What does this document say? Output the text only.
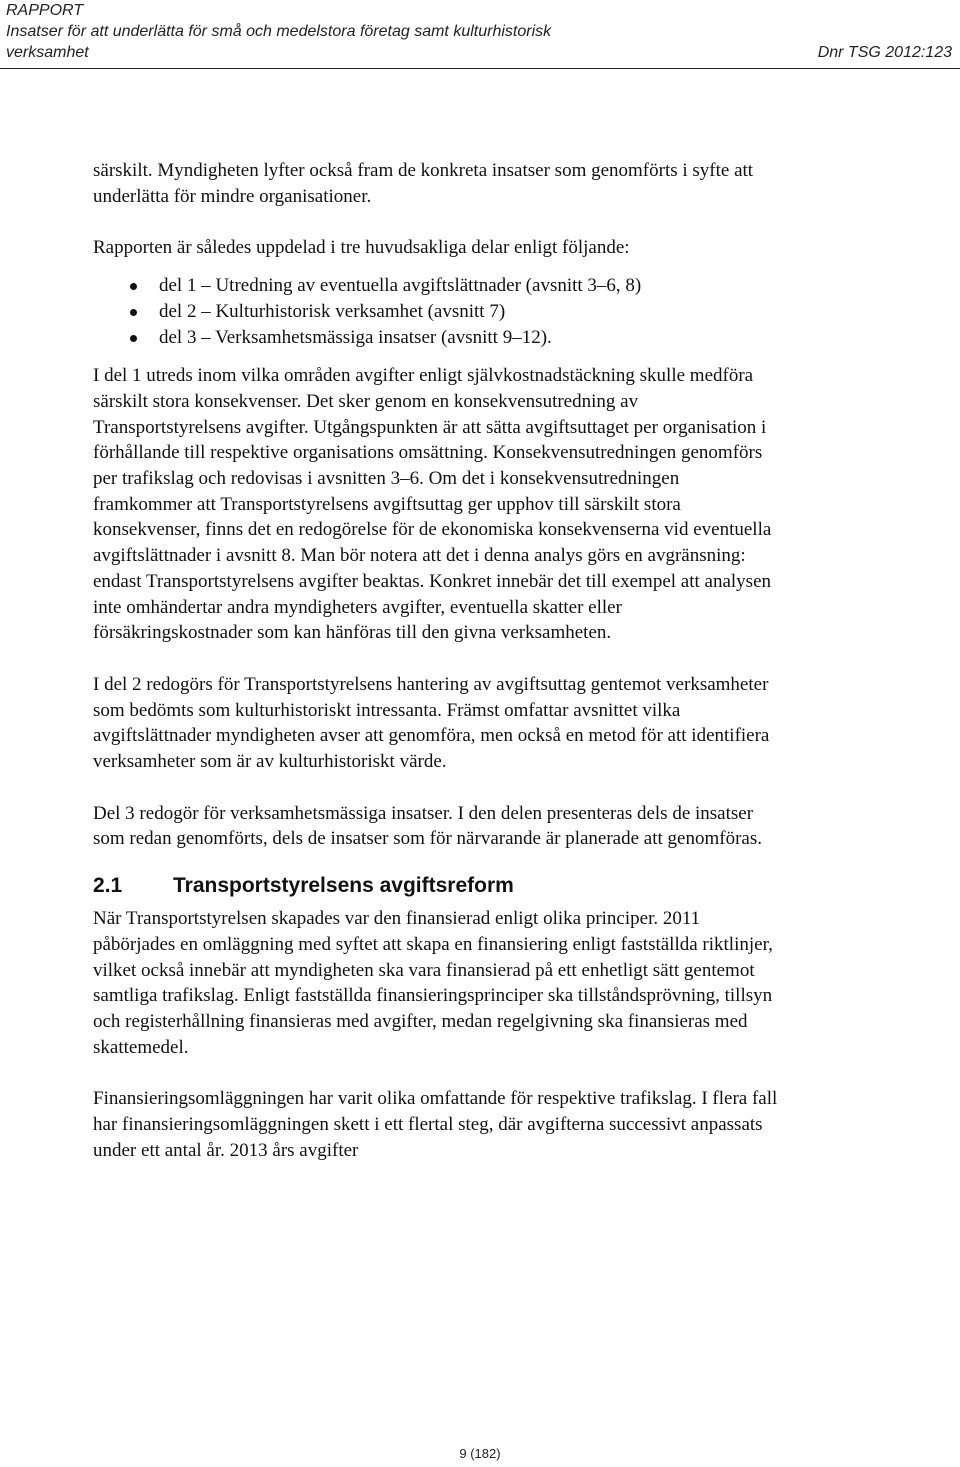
RAPPORT
Insatser för att underlätta för små och medelstora företag samt kulturhistorisk
verksamhet	Dnr TSG 2012:123

särskilt. Myndigheten lyfter också fram de konkreta insatser som genomförts i syfte att underlätta för mindre organisationer.

Rapporten är således uppdelad i tre huvudsakliga delar enligt följande:

del 1 – Utredning av eventuella avgiftslättnader (avsnitt 3–6, 8)
del 2 – Kulturhistorisk verksamhet (avsnitt 7)
del 3 – Verksamhetsmässiga insatser (avsnitt 9–12).

I del 1 utreds inom vilka områden avgifter enligt självkostnadstäckning skulle medföra särskilt stora konsekvenser. Det sker genom en konsekvensutredning av Transportstyrelsens avgifter. Utgångspunkten är att sätta avgiftsuttaget per organisation i förhållande till respektive organisations omsättning. Konsekvensutredningen genomförs per trafikslag och redovisas i avsnitten 3–6. Om det i konsekvensutredningen framkommer att Transportstyrelsens avgiftsuttag ger upphov till särskilt stora konsekvenser, finns det en redogörelse för de ekonomiska konsekvenserna vid eventuella avgiftslättnader i avsnitt 8. Man bör notera att det i denna analys görs en avgränsning: endast Transportstyrelsens avgifter beaktas. Konkret innebär det till exempel att analysen inte omhändertar andra myndigheters avgifter, eventuella skatter eller försäkringskostnader som kan hänföras till den givna verksamheten.

I del 2 redogörs för Transportstyrelsens hantering av avgiftsuttag gentemot verksamheter som bedömts som kulturhistoriskt intressanta. Främst omfattar avsnittet vilka avgiftslättnader myndigheten avser att genomföra, men också en metod för att identifiera verksamheter som är av kulturhistoriskt värde.

Del 3 redogör för verksamhetsmässiga insatser. I den delen presenteras dels de insatser som redan genomförts, dels de insatser som för närvarande är planerade att genomföras.

2.1 Transportstyrelsens avgiftsreform

När Transportstyrelsen skapades var den finansierad enligt olika principer. 2011 påbörjades en omläggning med syftet att skapa en finansiering enligt fastställda riktlinjer, vilket också innebär att myndigheten ska vara finansierad på ett enhetligt sätt gentemot samtliga trafikslag. Enligt fastställda finansieringsprinciper ska tillståndsprövning, tillsyn och registerhållning finansieras med avgifter, medan regelgivning ska finansieras med skattemedel.

Finansieringsomläggningen har varit olika omfattande för respektive trafikslag. I flera fall har finansieringsomläggningen skett i ett flertal steg, där avgifterna successivt anpassats under ett antal år. 2013 års avgifter

9 (182)
